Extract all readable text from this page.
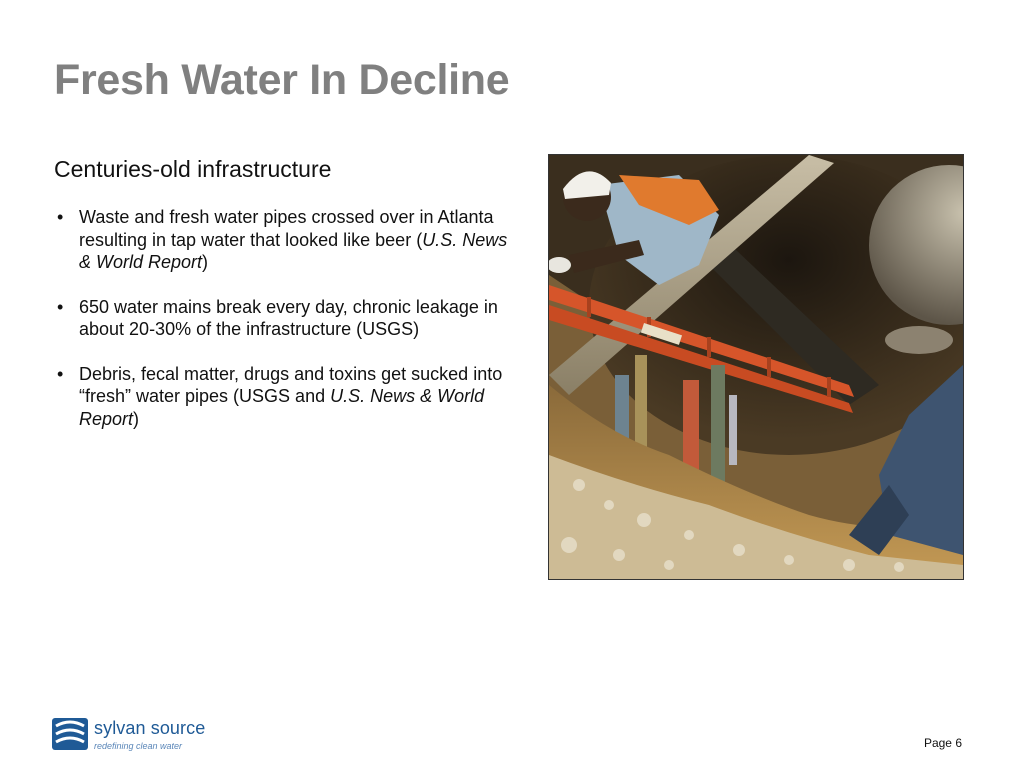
Fresh Water In Decline

Centuries-old infrastructure

• Waste and fresh water pipes crossed over in Atlanta resulting in tap water that looked like beer (U.S. News & World Report)
• 650 water mains break every day, chronic leakage in about 20-30% of the infrastructure (USGS)
• Debris, fecal matter, drugs and toxins get sucked into “fresh” water pipes (USGS and U.S. News & World Report)
sylvan source
redefining clean water	Page 6
